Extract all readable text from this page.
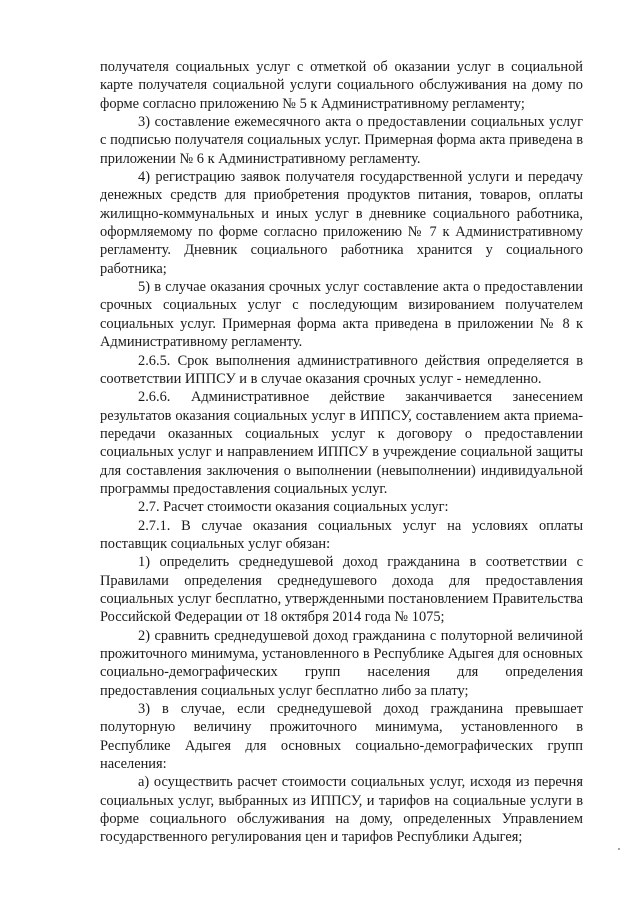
получателя социальных услуг с отметкой об оказании услуг в социальной карте получателя социальной услуги социального обслуживания на дому по форме согласно приложению № 5 к Административному регламенту;

3) составление ежемесячного акта о предоставлении социальных услуг с подписью получателя социальных услуг. Примерная форма акта приведена в приложении № 6 к Административному регламенту.

4) регистрацию заявок получателя государственной услуги и передачу денежных средств для приобретения продуктов питания, товаров, оплаты жилищно-коммунальных и иных услуг в дневнике социального работника, оформляемому по форме согласно приложению № 7 к Административному регламенту. Дневник социального работника хранится у социального работника;

5) в случае оказания срочных услуг составление акта о предоставлении срочных социальных услуг с последующим визированием получателем социальных услуг. Примерная форма акта приведена в приложении № 8 к Административному регламенту.

2.6.5. Срок выполнения административного действия определяется в соответствии ИППСУ и в случае оказания срочных услуг - немедленно.

2.6.6. Административное действие заканчивается занесением результатов оказания социальных услуг в ИППСУ, составлением акта приема-передачи оказанных социальных услуг к договору о предоставлении социальных услуг и направлением ИППСУ в учреждение социальной защиты для составления заключения о выполнении (невыполнении) индивидуальной программы предоставления социальных услуг.

2.7. Расчет стоимости оказания социальных услуг:

2.7.1. В случае оказания социальных услуг на условиях оплаты поставщик социальных услуг обязан:

1) определить среднедушевой доход гражданина в соответствии с Правилами определения среднедушевого дохода для предоставления социальных услуг бесплатно, утвержденными постановлением Правительства Российской Федерации от 18 октября 2014 года № 1075;

2) сравнить среднедушевой доход гражданина с полуторной величиной прожиточного минимума, установленного в Республике Адыгея для основных социально-демографических групп населения для определения предоставления социальных услуг бесплатно либо за плату;

3) в случае, если среднедушевой доход гражданина превышает полуторную величину прожиточного минимума, установленного в Республике Адыгея для основных социально-демографических групп населения:

а) осуществить расчет стоимости социальных услуг, исходя из перечня социальных услуг, выбранных из ИППСУ, и тарифов на социальные услуги в форме социального обслуживания на дому, определенных Управлением государственного регулирования цен и тарифов Республики Адыгея;
